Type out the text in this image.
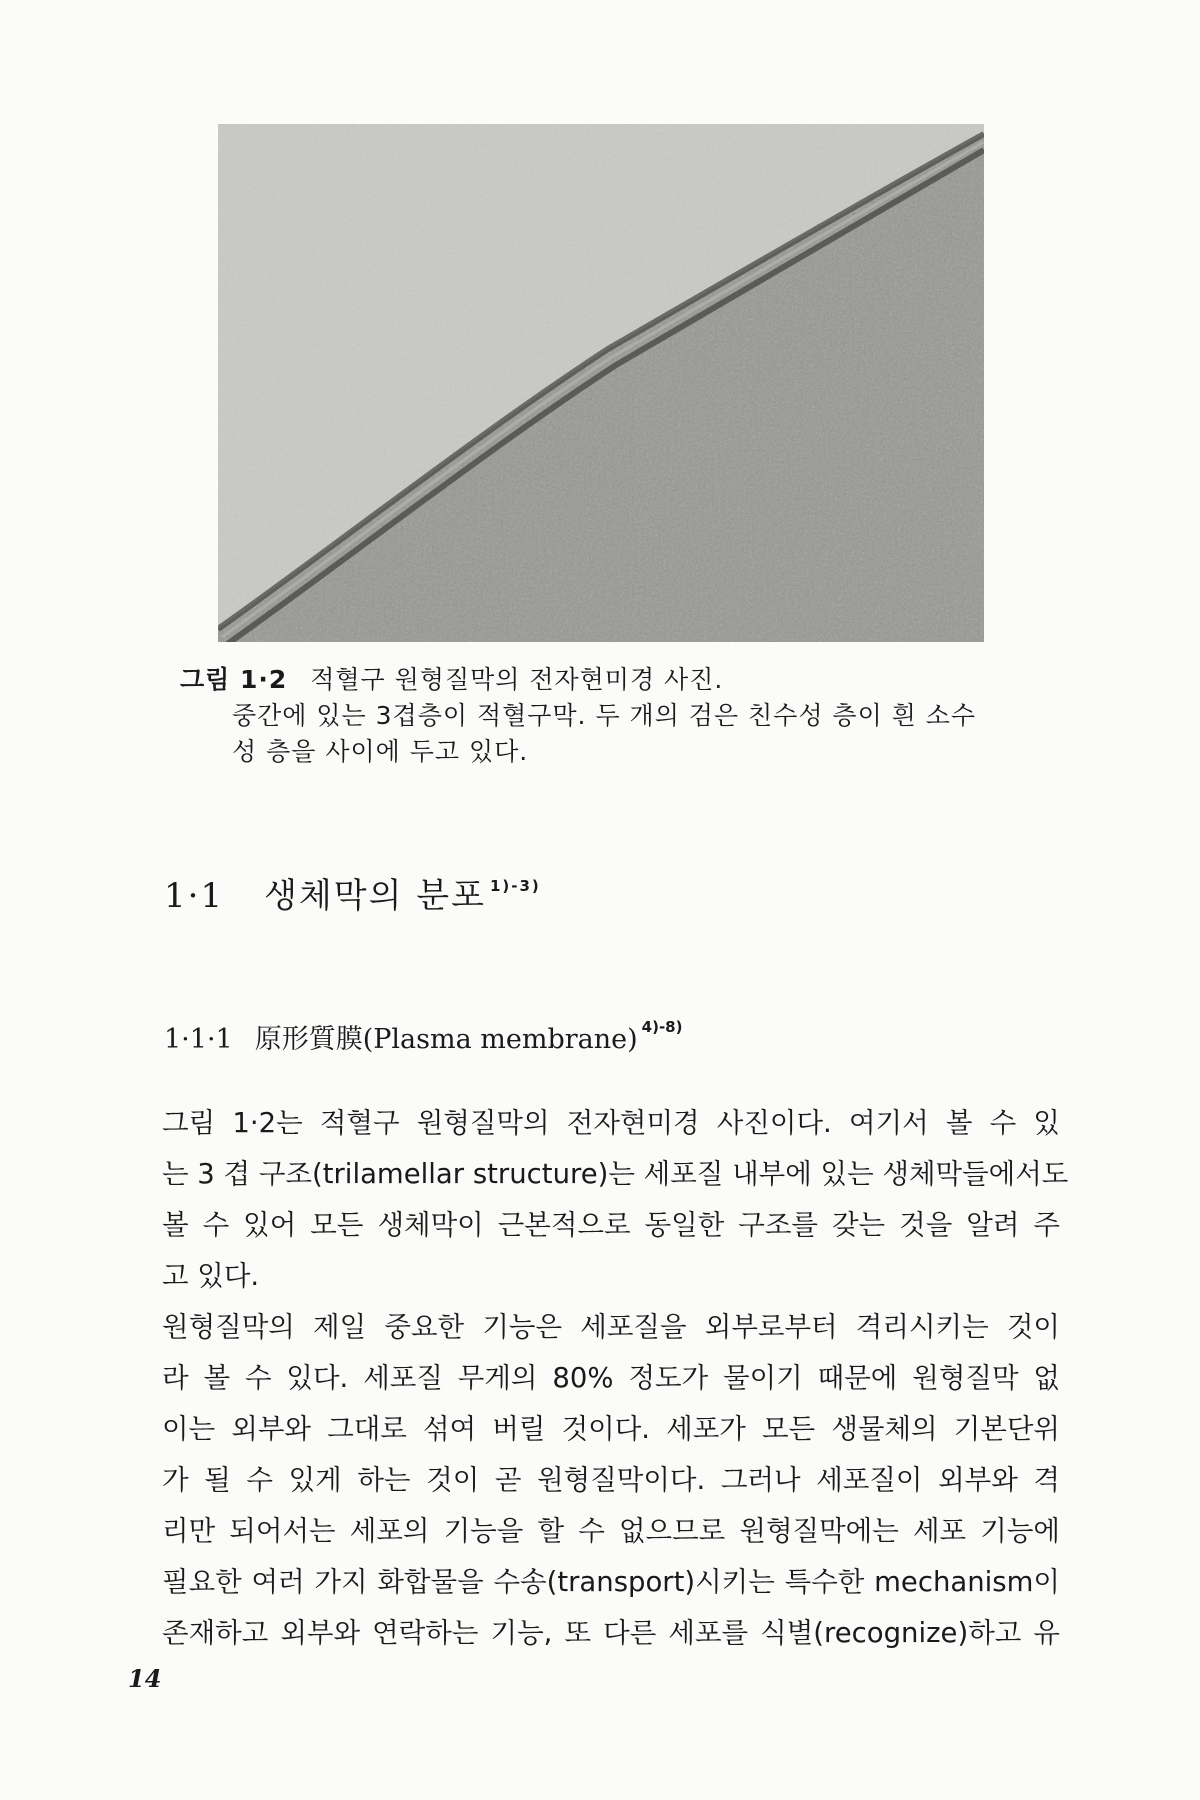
그림 1·2 적혈구 원형질막의 전자현미경 사진.
중간에 있는 3겹층이 적혈구막. 두 개의 검은 친수성 층이 흰 소수
성 층을 사이에 두고 있다.
1·1 생체막의 분포 $^{1)-3)}$
1·1·1 原形質膜(Plasma membrane) $^{4)-8)}$

그림 1·2는 적혈구 원형질막의 전자현미경 사진이다. 여기서 볼 수 있
는 3 겹 구조(trilamellar structure)는 세포질 내부에 있는 생체막들에서도
볼 수 있어 모든 생체막이 근본적으로 동일한 구조를 갖는 것을 알려 주
고 있다.

원형질막의 제일 중요한 기능은 세포질을 외부로부터 격리시키는 것이
라 볼 수 있다. 세포질 무게의 80% 정도가 물이기 때문에 원형질막 없
이는 외부와 그대로 섞여 버릴 것이다. 세포가 모든 생물체의 기본단위
가 될 수 있게 하는 것이 곧 원형질막이다. 그러나 세포질이 외부와 격
리만 되어서는 세포의 기능을 할 수 없으므로 원형질막에는 세포 기능에
필요한 여러 가지 화합물을 수송(transport)시키는 특수한 mechanism이
존재하고 외부와 연락하는 기능, 또 다른 세포를 식별(recognize)하고 유

14
